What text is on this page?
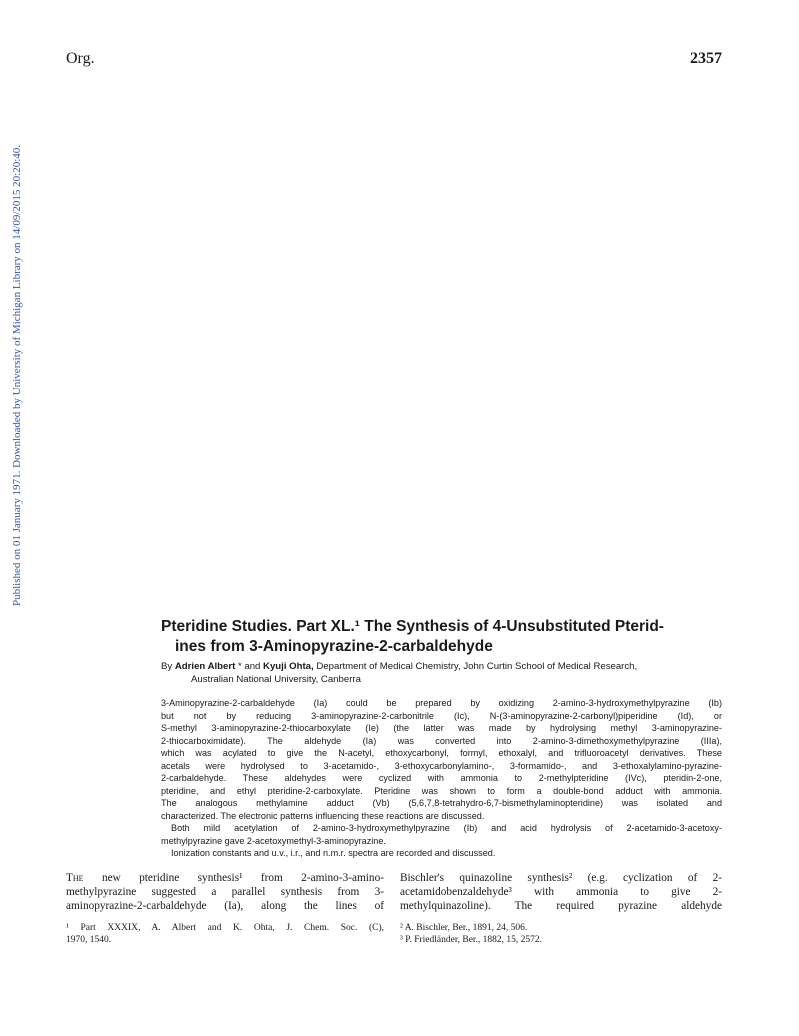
Org.	2357
Published on 01 January 1971. Downloaded by University of Michigan Library on 14/09/2015 20:20:40.
Pteridine Studies. Part XL.¹ The Synthesis of 4-Unsubstituted Pterid-
ines from 3-Aminopyrazine-2-carbaldehyde
By Adrien Albert * and Kyuji Ohta, Department of Medical Chemistry, John Curtin School of Medical Research,
Australian National University, Canberra
3-Aminopyrazine-2-carbaldehyde (Ia) could be prepared by oxidizing 2-amino-3-hydroxymethylpyrazine (Ib)
but not by reducing 3-aminopyrazine-2-carbonitrile (Ic), N-(3-aminopyrazine-2-carbonyl)piperidine (Id), or
S-methyl 3-aminopyrazine-2-thiocarboxylate (Ie) (the latter was made by hydrolysing methyl 3-aminopyrazine-
2-thiocarboximidate). The aldehyde (Ia) was converted into 2-amino-3-dimethoxymethylpyrazine (IIIa),
which was acylated to give the N-acetyl, ethoxycarbonyl, formyl, ethoxalyl, and trifluoroacetyl derivatives. These
acetals were hydrolysed to 3-acetamido-, 3-ethoxycarbonylamino-, 3-formamido-, and 3-ethoxalylamino-pyrazine-
2-carbaldehyde. These aldehydes were cyclized with ammonia to 2-methylpteridine (IVc), pteridin-2-one,
pteridine, and ethyl pteridine-2-carboxylate. Pteridine was shown to form a double-bond adduct with ammonia.
The analogous methylamine adduct (Vb) (5,6,7,8-tetrahydro-6,7-bismethylaminopteridine) was isolated and
characterized. The electronic patterns influencing these reactions are discussed.
Both mild acetylation of 2-amino-3-hydroxymethylpyrazine (Ib) and acid hydrolysis of 2-acetamido-3-acetoxy-
methylpyrazine gave 2-acetoxymethyl-3-aminopyrazine.
Ionization constants and u.v., i.r., and n.m.r. spectra are recorded and discussed.
The new pteridine synthesis¹ from 2-amino-3-amino-
methylpyrazine suggested a parallel synthesis from 3-
aminopyrazine-2-carbaldehyde (Ia), along the lines of
Bischler's quinazoline synthesis² (e.g. cyclization of 2-
acetamidobenzaldehyde³ with ammonia to give 2-
methylquinazoline). The required pyrazine aldehyde
¹ Part XXXIX, A. Albert and K. Ohta, J. Chem. Soc. (C),
1970, 1540.
² A. Bischler, Ber., 1891, 24, 506.
³ P. Friedländer, Ber., 1882, 15, 2572.
